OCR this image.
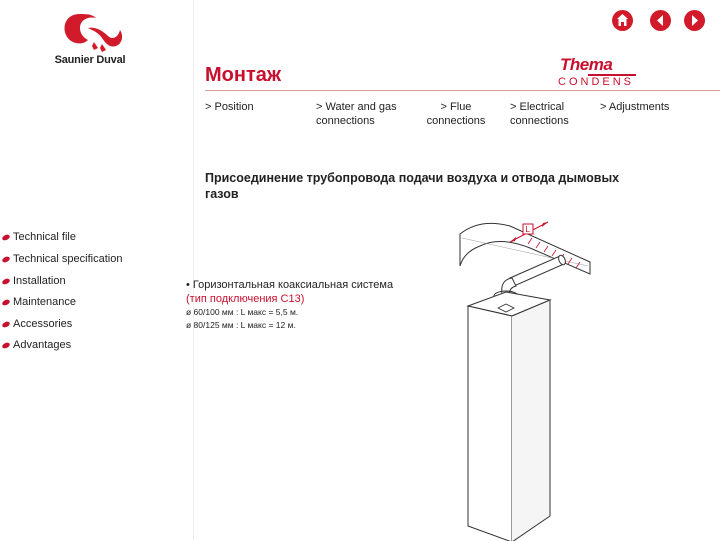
Saunier Duval
Монтаж	Thema
CONDENS
> Position	> Water and gas connections
> Flue connections
> Electrical connections
> Adjustments
Присоединение трубопровода подачи воздуха и отвода дымовых газов
Technical file
Technical specification
Installation
Maintenance
Accessories
Advantages
• Горизонтальная коаксиальная система
(тип подключения С13)
ø 60/100 мм : L макс = 5,5 м.
ø 80/125 мм : L макс = 12 м.
L
